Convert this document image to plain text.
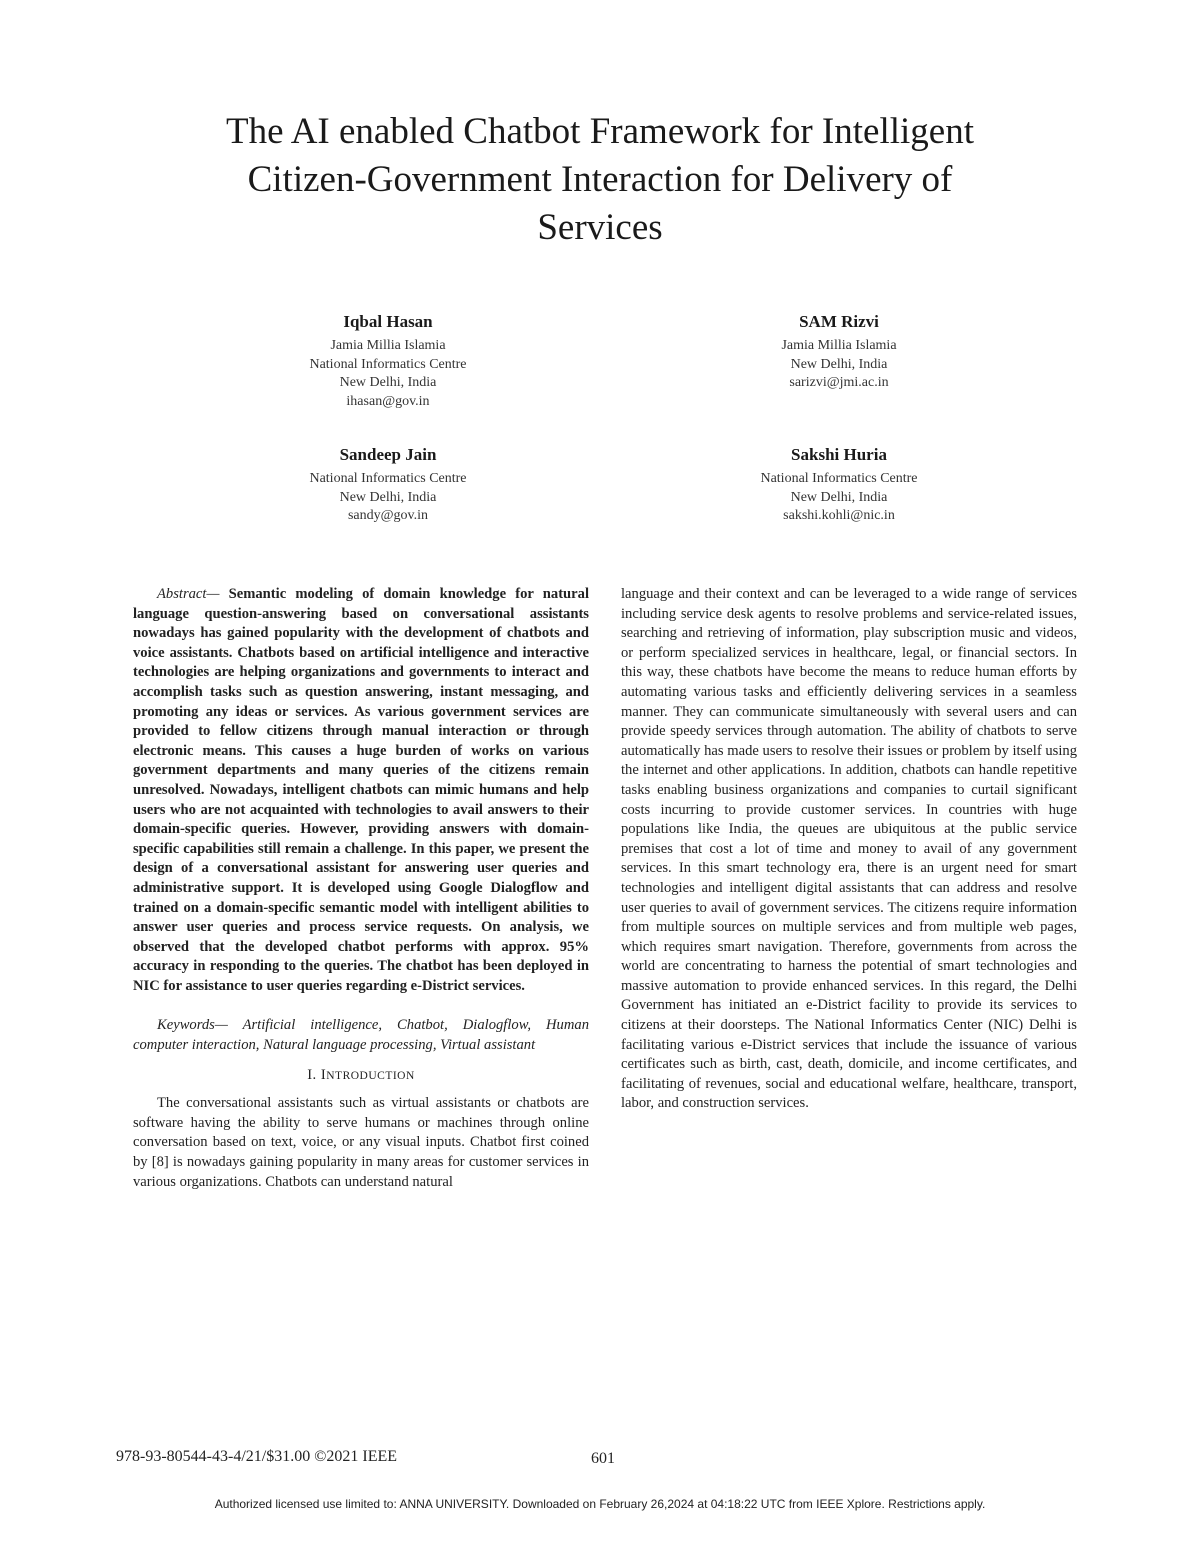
The AI enabled Chatbot Framework for Intelligent
Citizen-Government Interaction for Delivery of
Services
Iqbal Hasan
Jamia Millia Islamia
National Informatics Centre
New Delhi, India
ihasan@gov.in
SAM Rizvi
Jamia Millia Islamia
New Delhi, India
sarizvi@jmi.ac.in
Sandeep Jain
National Informatics Centre
New Delhi, India
sandy@gov.in
Sakshi Huria
National Informatics Centre
New Delhi, India
sakshi.kohli@nic.in

Abstract— Semantic modeling of domain knowledge for natural language question-answering based on conversational assistants nowadays has gained popularity with the development of chatbots and voice assistants. Chatbots based on artificial intelligence and interactive technologies are helping organizations and governments to interact and accomplish tasks such as question answering, instant messaging, and promoting any ideas or services. As various government services are provided to fellow citizens through manual interaction or through electronic means. This causes a huge burden of works on various government departments and many queries of the citizens remain unresolved. Nowadays, intelligent chatbots can mimic humans and help users who are not acquainted with technologies to avail answers to their domain-specific queries. However, providing answers with domain-specific capabilities still remain a challenge. In this paper, we present the design of a conversational assistant for answering user queries and administrative support. It is developed using Google Dialogflow and trained on a domain-specific semantic model with intelligent abilities to answer user queries and process service requests. On analysis, we observed that the developed chatbot performs with approx. 95% accuracy in responding to the queries. The chatbot has been deployed in NIC for assistance to user queries regarding e-District services.

Keywords— Artificial intelligence, Chatbot, Dialogflow, Human computer interaction, Natural language processing, Virtual assistant

I. INTRODUCTION

The conversational assistants such as virtual assistants or chatbots are software having the ability to serve humans or machines through online conversation based on text, voice, or any visual inputs. Chatbot first coined by [8] is nowadays gaining popularity in many areas for customer services in various organizations. Chatbots can understand natural

language and their context and can be leveraged to a wide range of services including service desk agents to resolve problems and service-related issues, searching and retrieving of information, play subscription music and videos, or perform specialized services in healthcare, legal, or financial sectors. In this way, these chatbots have become the means to reduce human efforts by automating various tasks and efficiently delivering services in a seamless manner. They can communicate simultaneously with several users and can provide speedy services through automation. The ability of chatbots to serve automatically has made users to resolve their issues or problem by itself using the internet and other applications. In addition, chatbots can handle repetitive tasks enabling business organizations and companies to curtail significant costs incurring to provide customer services. In countries with huge populations like India, the queues are ubiquitous at the public service premises that cost a lot of time and money to avail of any government services. In this smart technology era, there is an urgent need for smart technologies and intelligent digital assistants that can address and resolve user queries to avail of government services. The citizens require information from multiple sources on multiple services and from multiple web pages, which requires smart navigation. Therefore, governments from across the world are concentrating to harness the potential of smart technologies and massive automation to provide enhanced services. In this regard, the Delhi Government has initiated an e-District facility to provide its services to citizens at their doorsteps. The National Informatics Center (NIC) Delhi is facilitating various e-District services that include the issuance of various certificates such as birth, cast, death, domicile, and income certificates, and facilitating of revenues, social and educational welfare, healthcare, transport, labor, and construction services.

978-93-80544-43-4/21/$31.00 ©2021 IEEE	601
Authorized licensed use limited to: ANNA UNIVERSITY. Downloaded on February 26,2024 at 04:18:22 UTC from IEEE Xplore. Restrictions apply.
